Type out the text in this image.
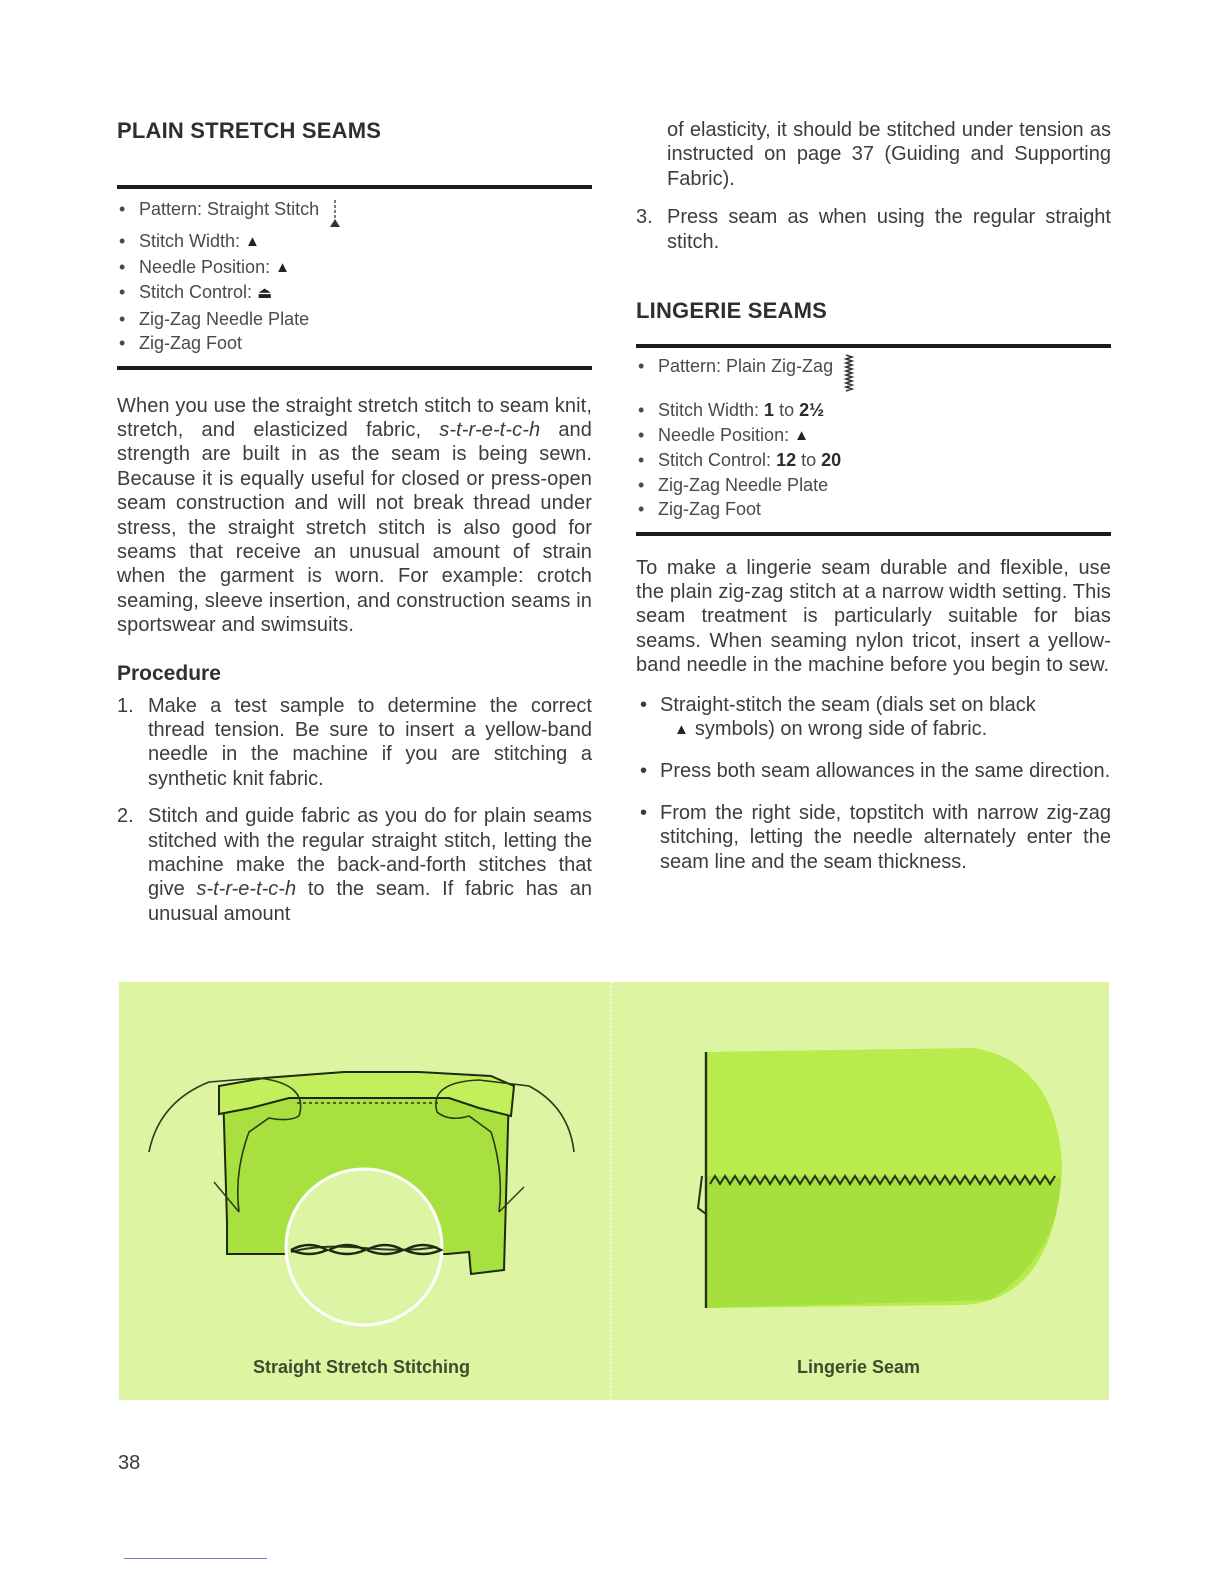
PLAIN STRETCH SEAMS
• Pattern: Straight Stitch
• Stitch Width: ▲
• Needle Position: ▲
• Stitch Control: ⏏
• Zig-Zag Needle Plate
• Zig-Zag Foot

When you use the straight stretch stitch to seam knit, stretch, and elasticized fabric, s-t-r-e-t-c-h and strength are built in as the seam is being sewn. Because it is equally useful for closed or press-open seam construction and will not break thread under stress, the straight stretch stitch is also good for seams that receive an unusual amount of strain when the garment is worn. For example: crotch seaming, sleeve insertion, and construction seams in sportswear and swimsuits.

Procedure
1. Make a test sample to determine the correct thread tension. Be sure to insert a yellow-band needle in the machine if you are stitching a synthetic knit fabric.
2. Stitch and guide fabric as you do for plain seams stitched with the regular straight stitch, letting the machine make the back-and-forth stitches that give s-t-r-e-t-c-h to the seam. If fabric has an unusual amount
of elasticity, it should be stitched under tension as instructed on page 37 (Guiding and Supporting Fabric).
3. Press seam as when using the regular straight stitch.
LINGERIE SEAMS
• Pattern: Plain Zig-Zag
• Stitch Width: 1 to 2½
• Needle Position: ▲
• Stitch Control: 12 to 20
• Zig-Zag Needle Plate
• Zig-Zag Foot

To make a lingerie seam durable and flexible, use the plain zig-zag stitch at a narrow width setting. This seam treatment is particularly suitable for bias seams. When seaming nylon tricot, insert a yellow-band needle in the machine before you begin to sew.

• Straight-stitch the seam (dials set on black
▲ symbols) on wrong side of fabric.
• Press both seam allowances in the same direction.
• From the right side, topstitch with narrow zig-zag stitching, letting the needle alternately enter the seam line and the seam thickness.
Straight Stretch Stitching	Lingerie Seam
38
